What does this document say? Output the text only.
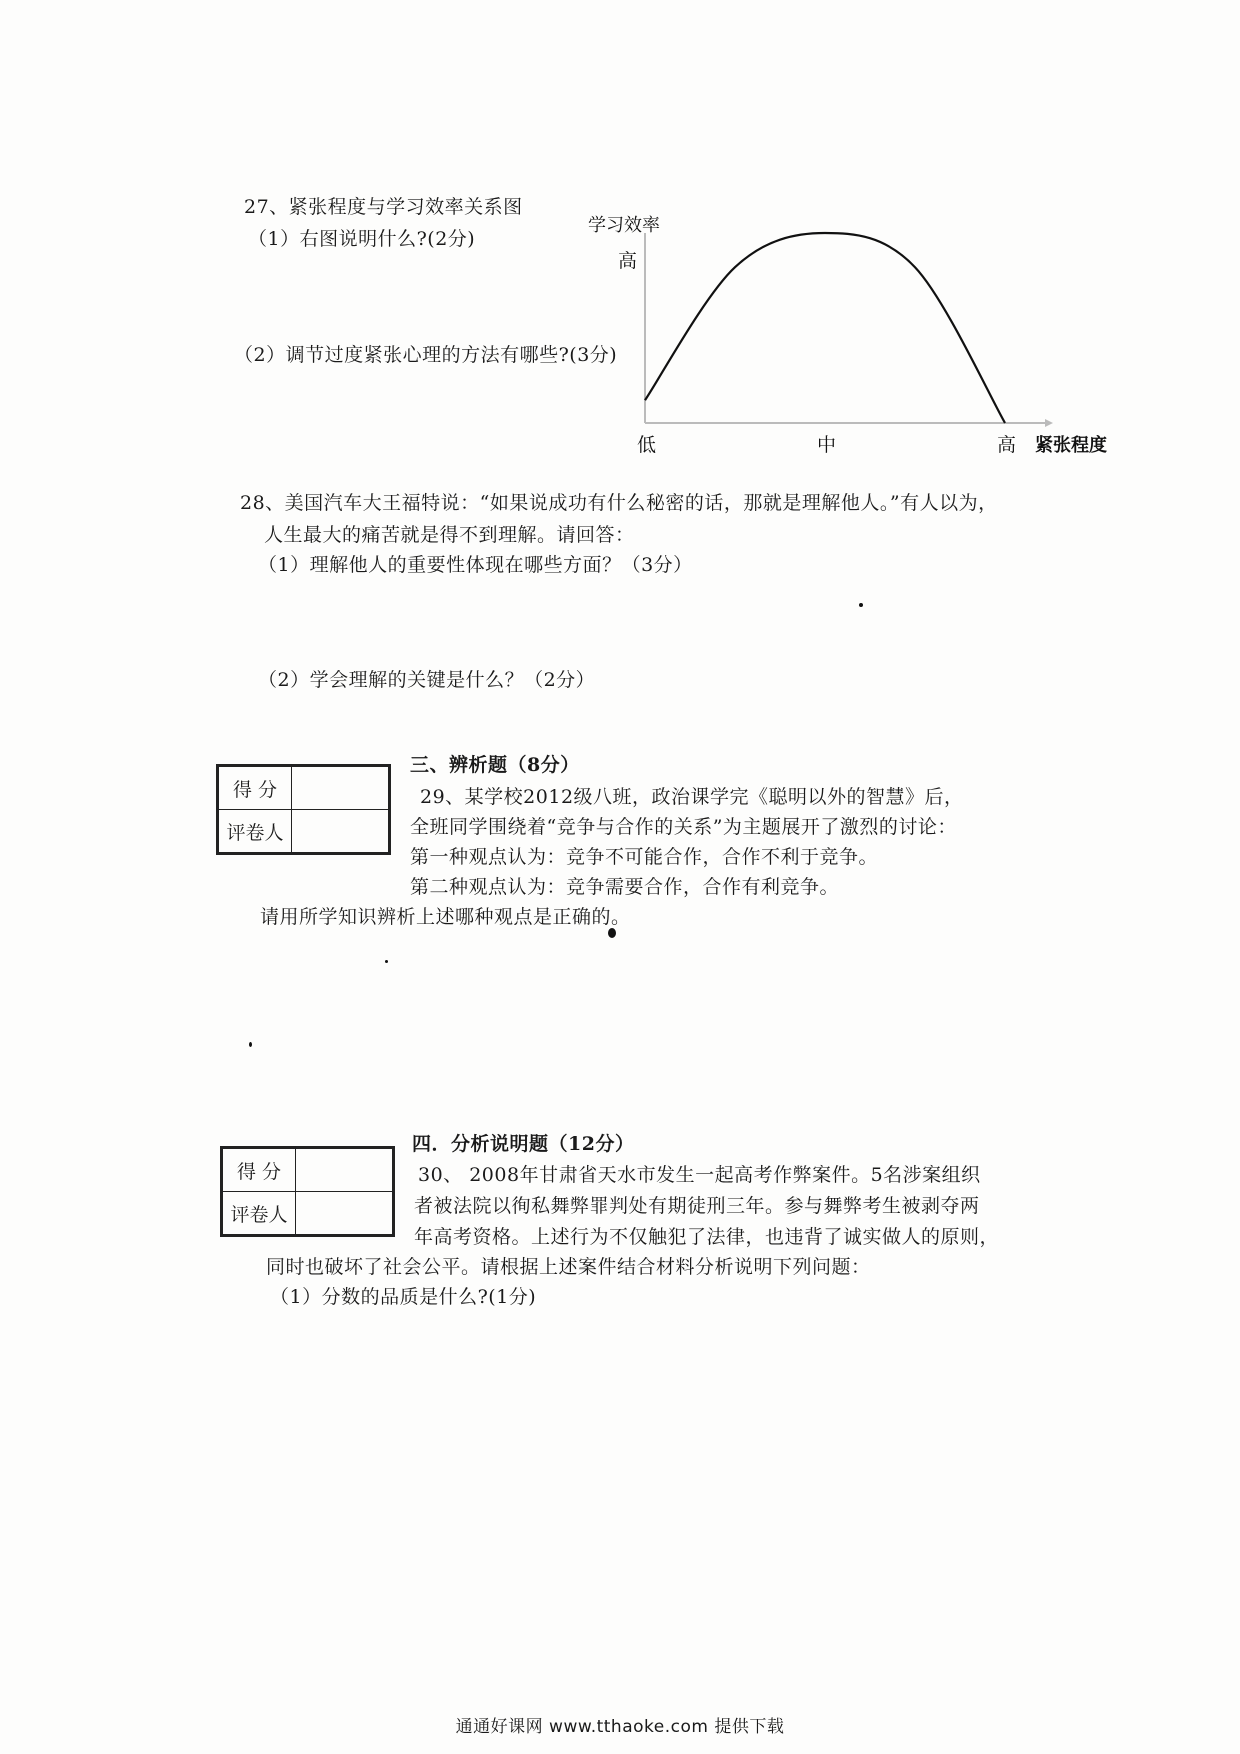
27、紧张程度与学习效率关系图
（1）右图说明什么?(2分)
（2）调节过度紧张心理的方法有哪些?(3分)
学习效率
高
低	中	高 紧张程度
28、美国汽车大王福特说：“如果说成功有什么秘密的话，那就是理解他人。”有人以为，
人生最大的痛苦就是得不到理解。请回答：
（1）理解他人的重要性体现在哪些方面？（3分）
（2）学会理解的关键是什么？（2分）
得 分	
评卷人	
三、辨析题（8分）
29、某学校2012级八班，政治课学完《聪明以外的智慧》后，
全班同学围绕着“竞争与合作的关系”为主题展开了激烈的讨论：
第一种观点认为：竞争不可能合作，合作不利于竞争。
第二种观点认为：竞争需要合作，合作有利竞争。
请用所学知识辨析上述哪种观点是正确的。
得 分	
评卷人	
四．分析说明题（12分）
30、 2008年甘肃省天水市发生一起高考作弊案件。5名涉案组织
者被法院以徇私舞弊罪判处有期徒刑三年。参与舞弊考生被剥夺两
年高考资格。上述行为不仅触犯了法律，也违背了诚实做人的原则，
同时也破坏了社会公平。请根据上述案件结合材料分析说明下列问题：
（1）分数的品质是什么?(1分)
通通好课网 www.tthaoke.com 提供下载
